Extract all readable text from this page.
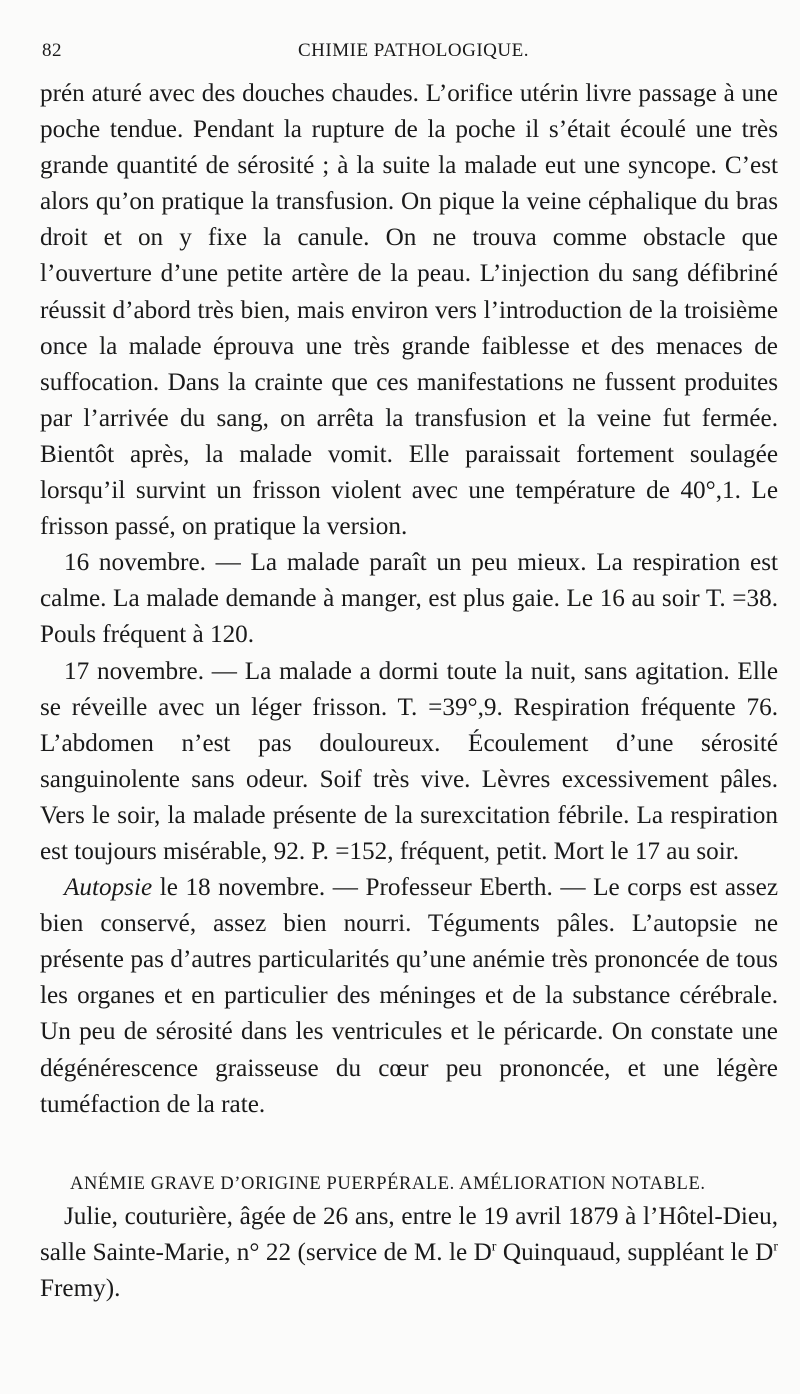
82	CHIMIE PATHOLOGIQUE.

prén aturé avec des douches chaudes. L’orifice utérin livre passage à une poche tendue. Pendant la rupture de la poche il s’était écoulé une très grande quantité de sérosité ; à la suite la malade eut une syncope. C’est alors qu’on pratique la transfusion. On pique la veine céphalique du bras droit et on y fixe la canule. On ne trouva comme obstacle que l’ouverture d’une petite artère de la peau. L’injection du sang défibriné réussit d’abord très bien, mais environ vers l’introduction de la troisième once la malade éprouva une très grande faiblesse et des menaces de suffocation. Dans la crainte que ces manifestations ne fussent produites par l’arrivée du sang, on arrêta la transfusion et la veine fut fermée. Bientôt après, la malade vomit. Elle paraissait fortement soulagée lorsqu’il survint un frisson violent avec une température de 40°,1. Le frisson passé, on pratique la version.

16 novembre. — La malade paraît un peu mieux. La respiration est calme. La malade demande à manger, est plus gaie. Le 16 au soir T. =38. Pouls fréquent à 120.

17 novembre. — La malade a dormi toute la nuit, sans agitation. Elle se réveille avec un léger frisson. T. =39°,9. Respiration fréquente 76. L’abdomen n’est pas douloureux. Écoulement d’une sérosité sanguinolente sans odeur. Soif très vive. Lèvres excessivement pâles. Vers le soir, la malade présente de la surexcitation fébrile. La respiration est toujours misérable, 92. P. =152, fréquent, petit. Mort le 17 au soir.

Autopsie le 18 novembre. — Professeur Eberth. — Le corps est assez bien conservé, assez bien nourri. Téguments pâles. L’autopsie ne présente pas d’autres particularités qu’une anémie très prononcée de tous les organes et en particulier des méninges et de la substance cérébrale. Un peu de sérosité dans les ventricules et le péricarde. On constate une dégénérescence graisseuse du cœur peu prononcée, et une légère tuméfaction de la rate.

ANÉMIE GRAVE D’ORIGINE PUERPÉRALE. AMÉLIORATION NOTABLE.

Julie, couturière, âgée de 26 ans, entre le 19 avril 1879 à l’Hôtel-Dieu, salle Sainte-Marie, n° 22 (service de M. le $D^r$ Quinquaud, suppléant le $D^r$ Fremy).
